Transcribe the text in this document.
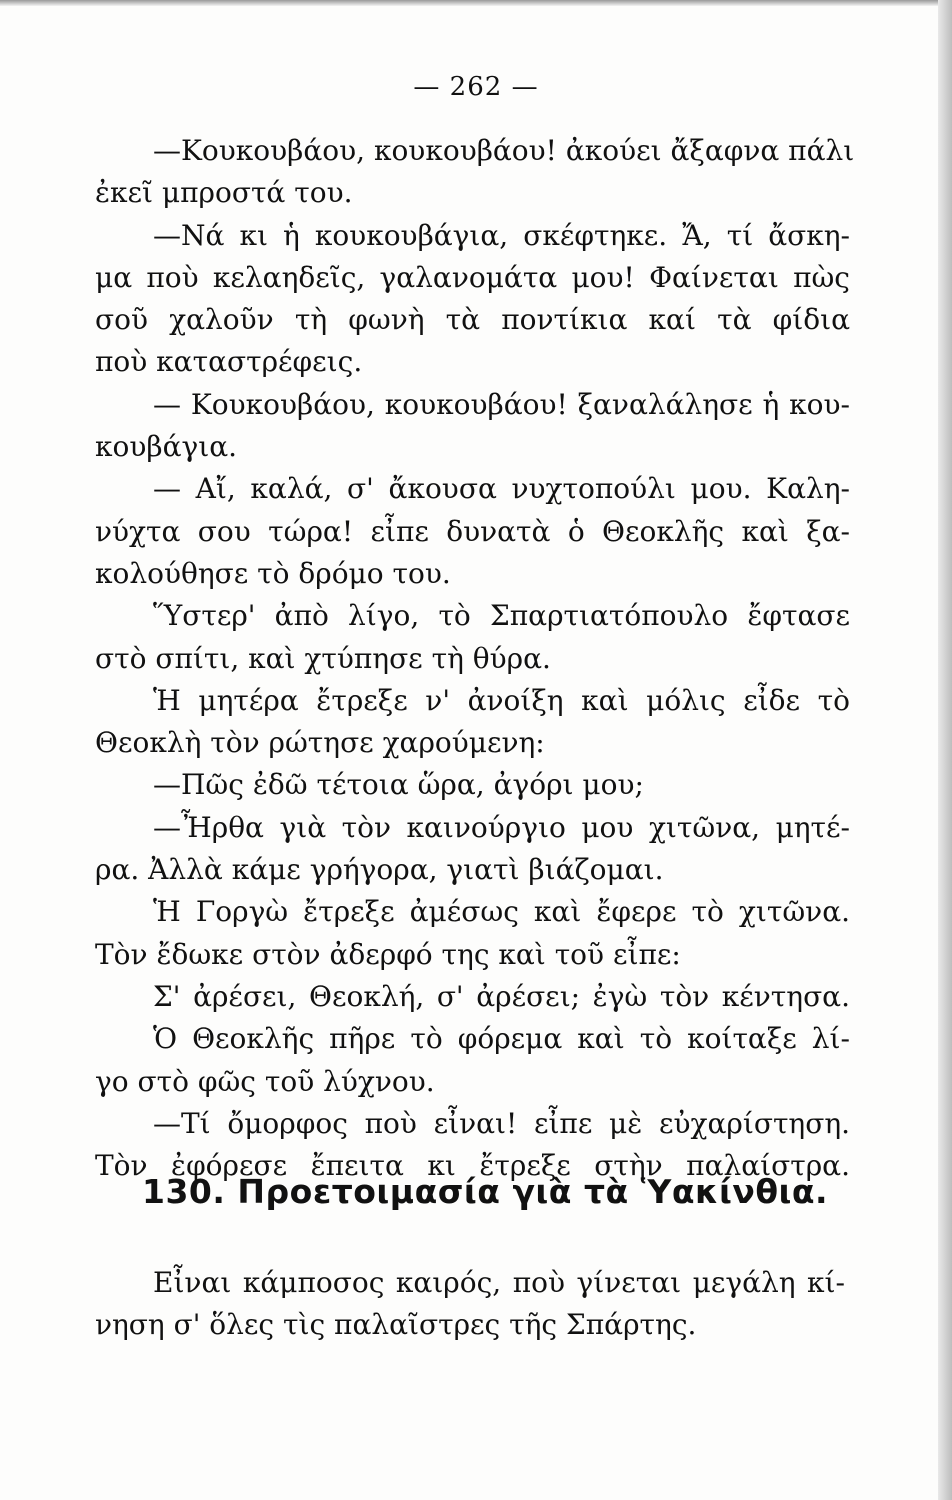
— 262 —
—Κουκουβάου, κουκουβάου! ἀκούει ἄξαφνα πάλι
ἐκεῖ μπροστά του.
—Νά κι ἡ κουκουβάγια, σκέφτηκε. Ἄ, τί ἄσκη-
μα ποὺ κελαηδεῖς, γαλανομάτα μου! Φαίνεται πὼς
σοῦ χαλοῦν τὴ φωνὴ τὰ ποντίκια καί τὰ φίδια
ποὺ καταστρέφεις.
— Κουκουβάου, κουκουβάου! ξαναλάλησε ἡ κου-
κουβάγια.
— Αἴ, καλά, σ' ἄκουσα νυχτοπούλι μου. Καλη-
νύχτα σου τώρα! εἶπε δυνατὰ ὁ Θεοκλῆς καὶ ξα-
κολούθησε τὸ δρόμο του.
Ὕστερ' ἀπὸ λίγο, τὸ Σπαρτιατόπουλο ἔφτασε
στὸ σπίτι, καὶ χτύπησε τὴ θύρα.
Ἡ μητέρα ἔτρεξε ν' ἀνοίξη καὶ μόλις εἶδε τὸ
Θεοκλὴ τὸν ρώτησε χαρούμενη:
—Πῶς ἐδῶ τέτοια ὥρα, ἀγόρι μου;
—Ἦρθα γιὰ τὸν καινούργιο μου χιτῶνα, μητέ-
ρα. Ἀλλὰ κάμε γρήγορα, γιατὶ βιάζομαι.
Ἡ Γοργὼ ἔτρεξε ἀμέσως καὶ ἔφερε τὸ χιτῶνα.
Τὸν ἔδωκε στὸν ἀδερφό της καὶ τοῦ εἶπε:
Σ' ἀρέσει, Θεοκλή, σ' ἀρέσει; ἐγὼ τὸν κέντησα.
Ὁ Θεοκλῆς πῆρε τὸ φόρεμα καὶ τὸ κοίταξε λί-
γο στὸ φῶς τοῦ λύχνου.
—Τί ὄμορφος ποὺ εἶναι! εἶπε μὲ εὐχαρίστηση.
Τὸν ἐφόρεσε ἔπειτα κι ἔτρεξε στὴν παλαίστρα.
130. Προετοιμασία γιὰ τὰ Ὑακίνθια.
Εἶναι κάμποσος καιρός, ποὺ γίνεται μεγάλη κί-
νηση σ' ὅλες τὶς παλαῖστρες τῆς Σπάρτης.
